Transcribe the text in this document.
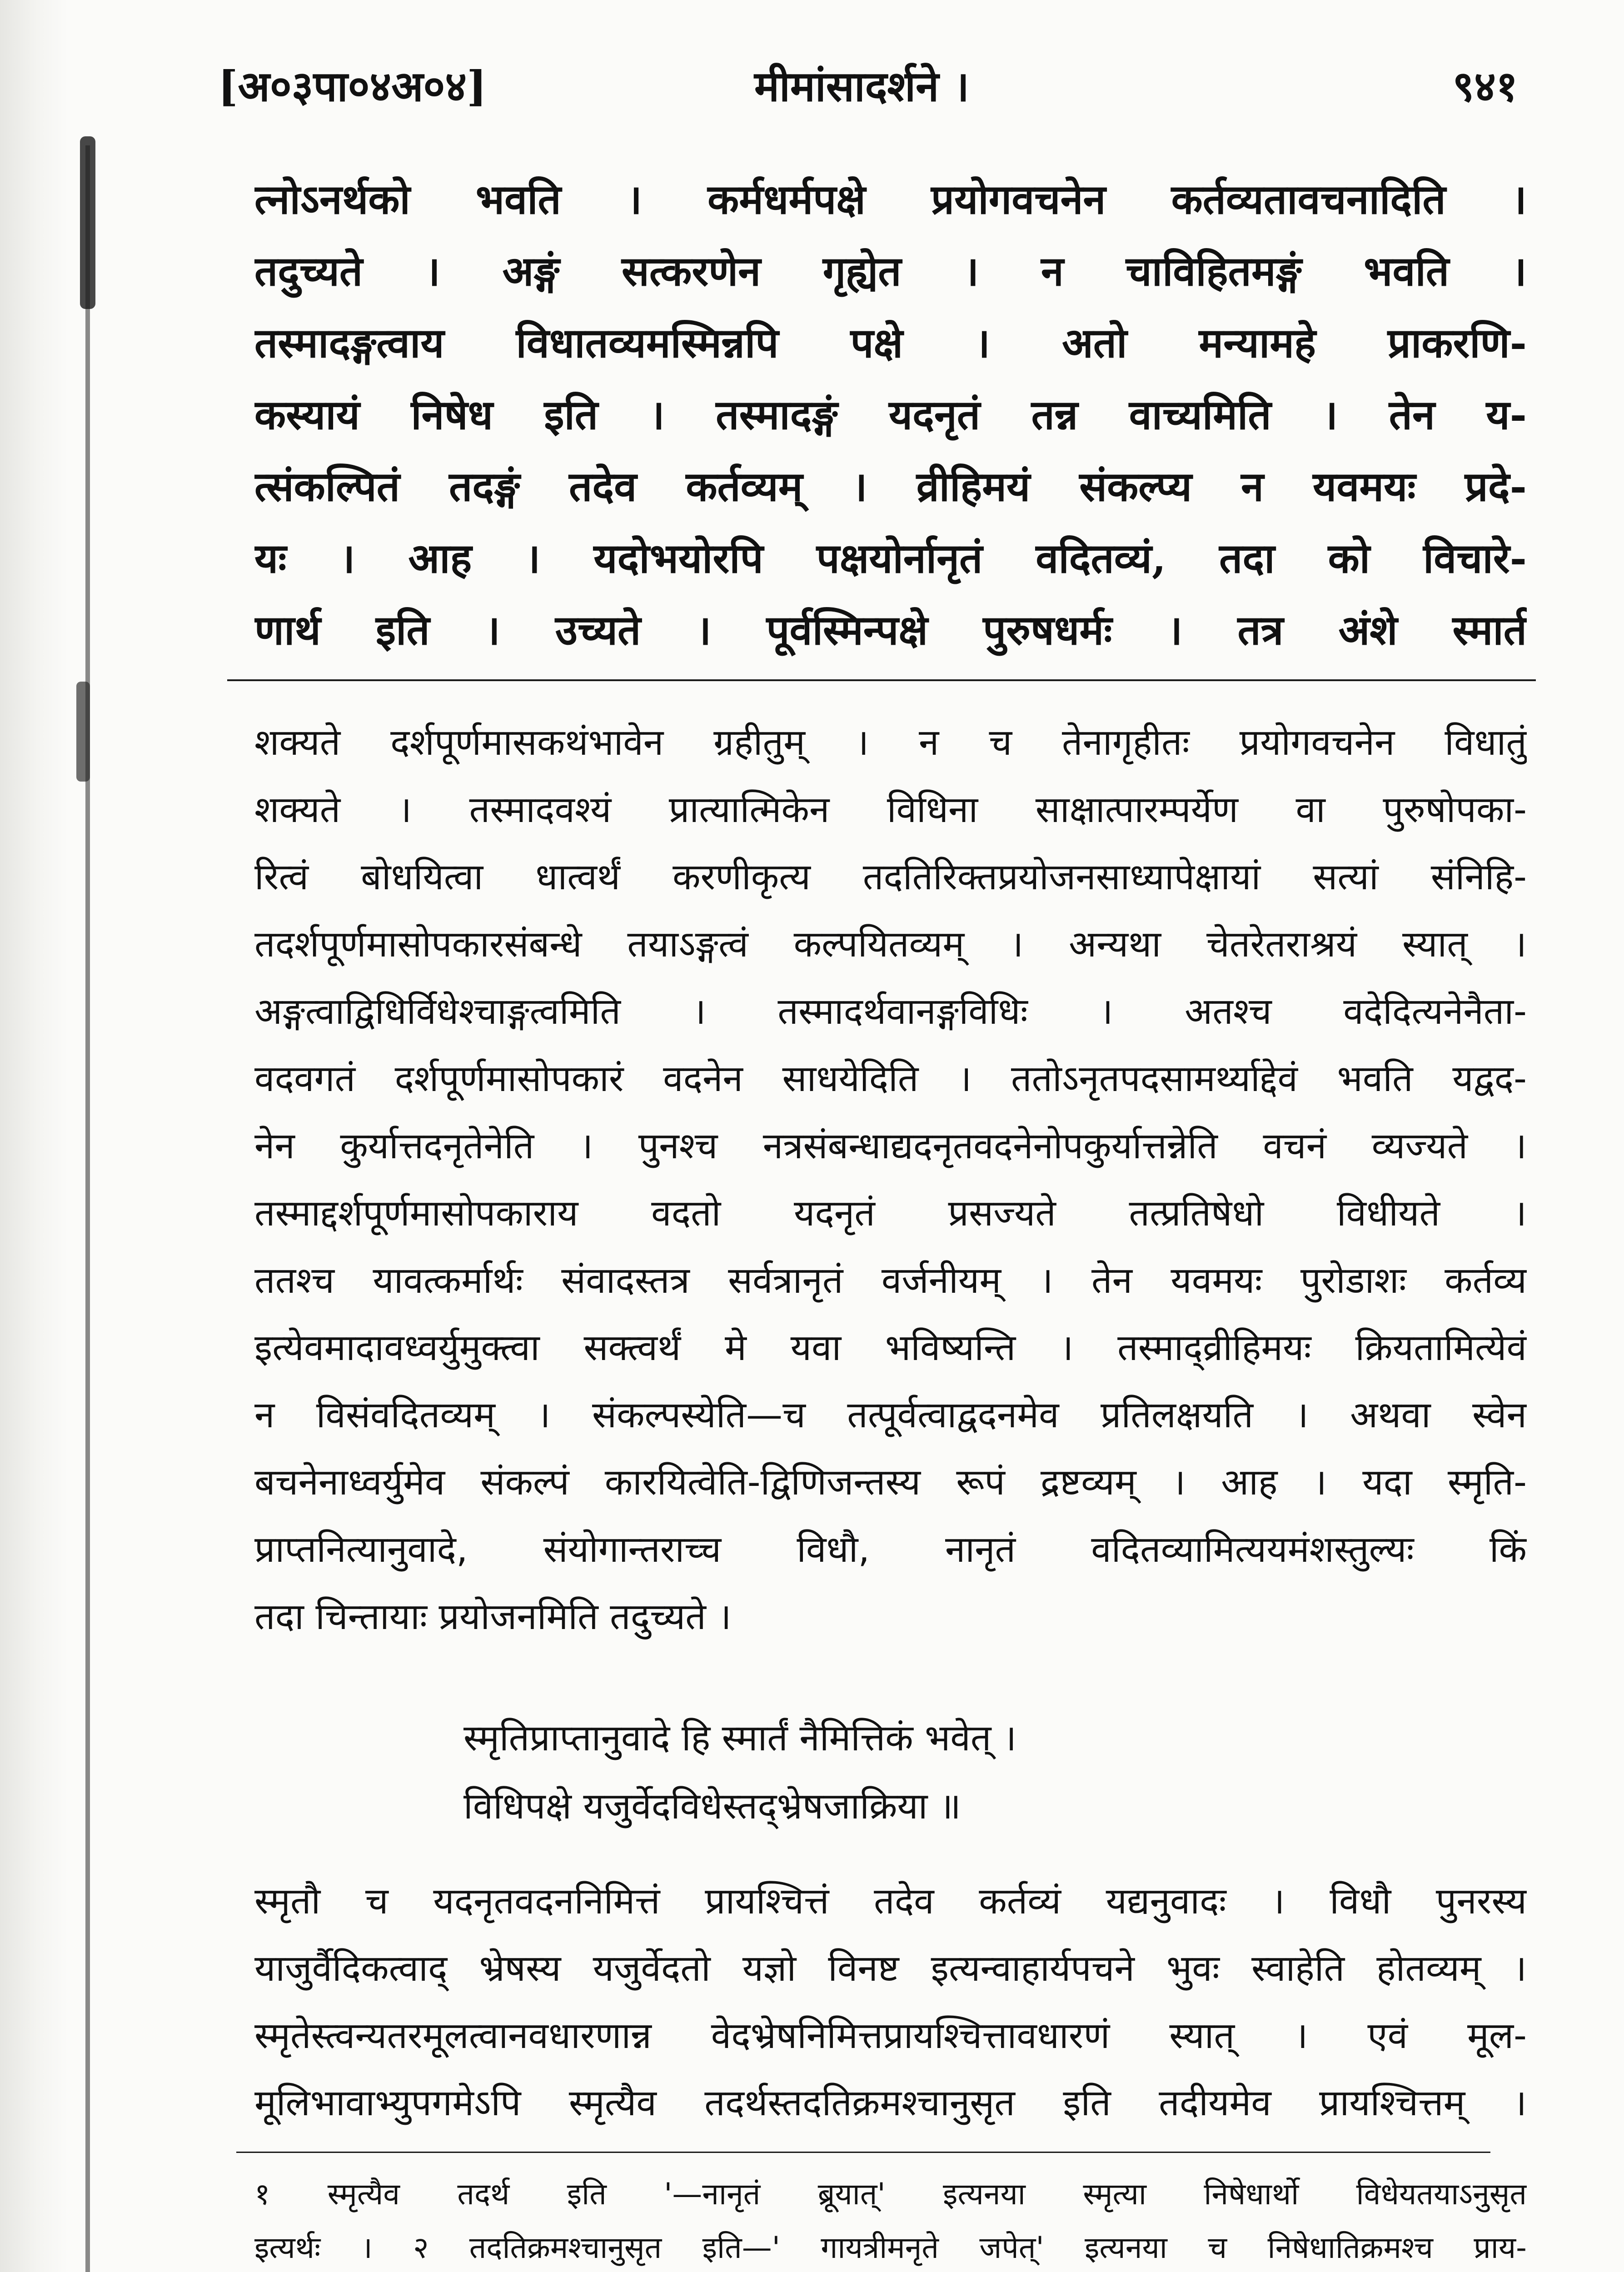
[अ०३पा०४अ०४]	मीमांसादर्शने ।	९४१
त्नोऽनर्थको भवति । कर्मधर्मपक्षे प्रयोगवचनेन कर्तव्यतावचनादिति ।
तदुच्यते । अङ्गं सत्करणेन गृह्येत । न चाविहितमङ्गं भवति ।
तस्मादङ्गत्वाय विधातव्यमस्मिन्नपि पक्षे । अतो मन्यामहे प्राकरणि-
कस्यायं निषेध इति । तस्मादङ्गं यदनृतं तन्न वाच्यमिति । तेन य-
त्संकल्पितं तदङ्गं तदेव कर्तव्यम् । व्रीहिमयं संकल्प्य न यवमयः प्रदे-
यः । आह । यदोभयोरपि पक्षयोर्नानृतं वदितव्यं, तदा को विचारे-
णार्थ इति । उच्यते । पूर्वस्मिन्पक्षे पुरुषधर्मः । तत्र अंशे स्मार्त
शक्यते दर्शपूर्णमासकथंभावेन ग्रहीतुम् । न च तेनागृहीतः प्रयोगवचनेन विधातुं
शक्यते । तस्मादवश्यं प्रात्यात्मिकेन विधिना साक्षात्पारम्पर्येण वा पुरुषोपका-
रित्वं बोधयित्वा धात्वर्थं करणीकृत्य तदतिरिक्तप्रयोजनसाध्यापेक्षायां सत्यां संनिहि-
तदर्शपूर्णमासोपकारसंबन्धे तयाऽङ्गत्वं कल्पयितव्यम् । अन्यथा चेतरेतराश्रयं स्यात् ।
अङ्गत्वाद्विधिर्विधेश्चाङ्गत्वमिति । तस्मादर्थवानङ्गविधिः । अतश्च वदेदित्यनेनैता-
वदवगतं दर्शपूर्णमासोपकारं वदनेन साधयेदिति । ततोऽनृतपदसामर्थ्याद्देवं भवति यद्वद-
नेन कुर्यात्तदनृतेनेति । पुनश्च नत्रसंबन्धाद्यदनृतवदनेनोपकुर्यात्तन्नेति वचनं व्यज्यते ।
तस्माद्दर्शपूर्णमासोपकाराय वदतो यदनृतं प्रसज्यते तत्प्रतिषेधो विधीयते ।
ततश्च यावत्कर्मार्थः संवादस्तत्र सर्वत्रानृतं वर्जनीयम् । तेन यवमयः पुरोडाशः कर्तव्य
इत्येवमादावध्वर्युमुक्त्वा सक्त्वर्थं मे यवा भविष्यन्ति । तस्माद्व्रीहिमयः क्रियतामित्येवं
न विसंवदितव्यम् । संकल्पस्येति—च तत्पूर्वत्वाद्वदनमेव प्रतिलक्षयति । अथवा स्वेन
बचनेनाध्वर्युमेव संकल्पं कारयित्वेति-द्विणिजन्तस्य रूपं द्रष्टव्यम् । आह । यदा स्मृति-
प्राप्तनित्यानुवादे, संयोगान्तराच्च विधौ, नानृतं वदितव्यामित्ययमंशस्तुल्यः किं
तदा चिन्तायाः प्रयोजनमिति तदुच्यते ।
स्मृतिप्राप्तानुवादे हि स्मार्तं नैमित्तिकं भवेत् ।
विधिपक्षे यजुर्वेदविधेस्तद्भ्रेषजाक्रिया ॥
स्मृतौ च यदनृतवदननिमित्तं प्रायश्चित्तं तदेव कर्तव्यं यद्यनुवादः । विधौ पुनरस्य
याजुर्वैदिकत्वाद् भ्रेषस्य यजुर्वेदतो यज्ञो विनष्ट इत्यन्वाहार्यपचने भुवः स्वाहेति होतव्यम् ।
स्मृतेस्त्वन्यतरमूलत्वानवधारणान्न वेदभ्रेषनिमित्तप्रायश्चित्तावधारणं स्यात् । एवं मूल-
मूलिभावाभ्युपगमेऽपि स्मृत्यैव तदर्थस्तदतिक्रमश्चानुसृत इति तदीयमेव प्रायश्चित्तम् ।
१ स्मृत्यैव तदर्थ इति '—नानृतं ब्रूयात्' इत्यनया स्मृत्या निषेधार्थो विधेयतयाऽनुसृत
इत्यर्थः । २ तदतिक्रमश्चानुसृत इति—' गायत्रीमनृते जपेत्' इत्यनया च निषेधातिक्रमश्च प्राय-
